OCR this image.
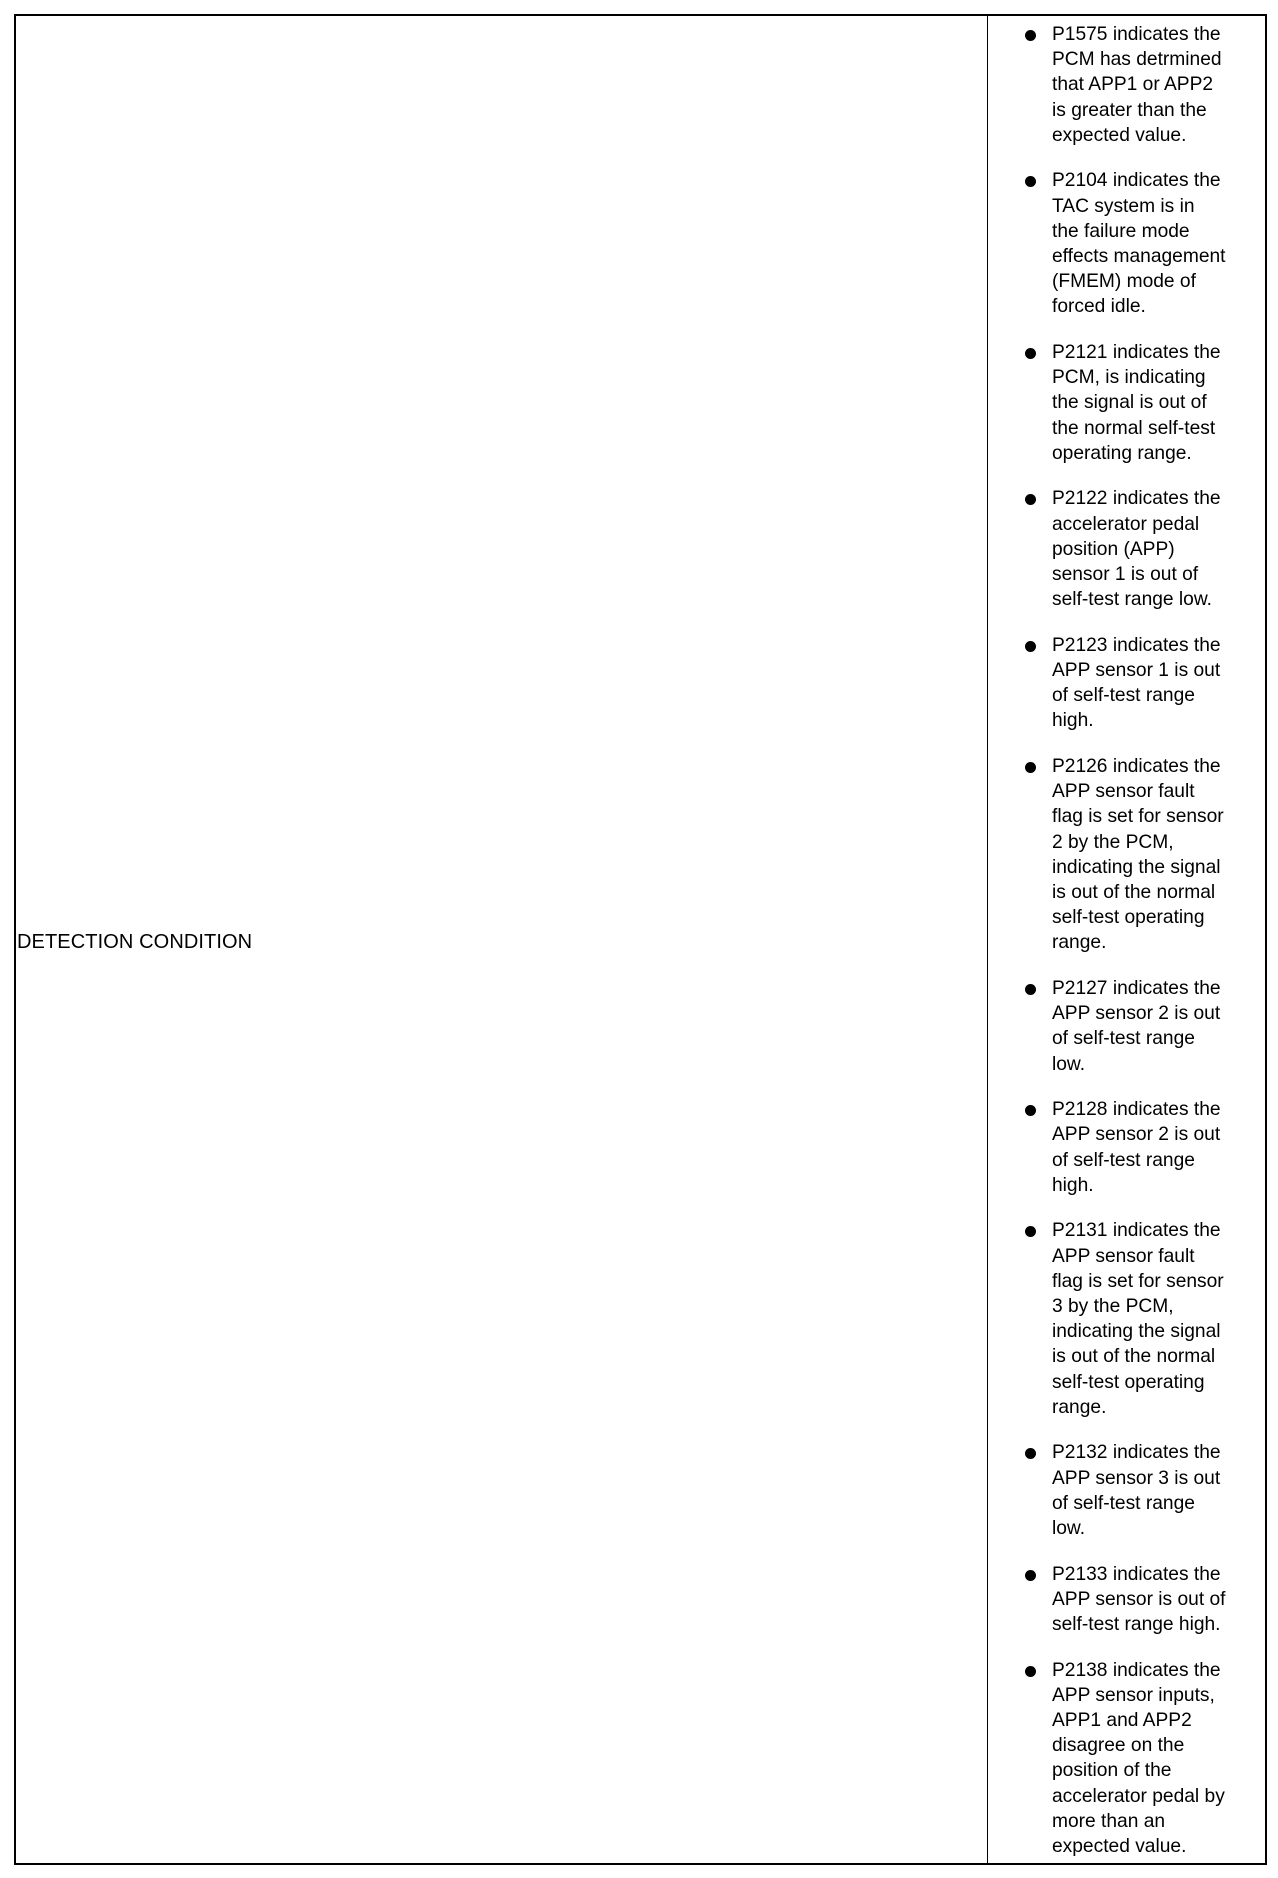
DETECTION CONDITION
P1575 indicates the
PCM has detrmined
that APP1 or APP2
is greater than the
expected value.
P2104 indicates the
TAC system is in
the failure mode
effects management
(FMEM) mode of
forced idle.
P2121 indicates the
PCM, is indicating
the signal is out of
the normal self-test
operating range.
P2122 indicates the
accelerator pedal
position (APP)
sensor 1 is out of
self-test range low.
P2123 indicates the
APP sensor 1 is out
of self-test range
high.
P2126 indicates the
APP sensor fault
flag is set for sensor
2 by the PCM,
indicating the signal
is out of the normal
self-test operating
range.
P2127 indicates the
APP sensor 2 is out
of self-test range
low.
P2128 indicates the
APP sensor 2 is out
of self-test range
high.
P2131 indicates the
APP sensor fault
flag is set for sensor
3 by the PCM,
indicating the signal
is out of the normal
self-test operating
range.
P2132 indicates the
APP sensor 3 is out
of self-test range
low.
P2133 indicates the
APP sensor is out of
self-test range high.
P2138 indicates the
APP sensor inputs,
APP1 and APP2
disagree on the
position of the
accelerator pedal by
more than an
expected value.
